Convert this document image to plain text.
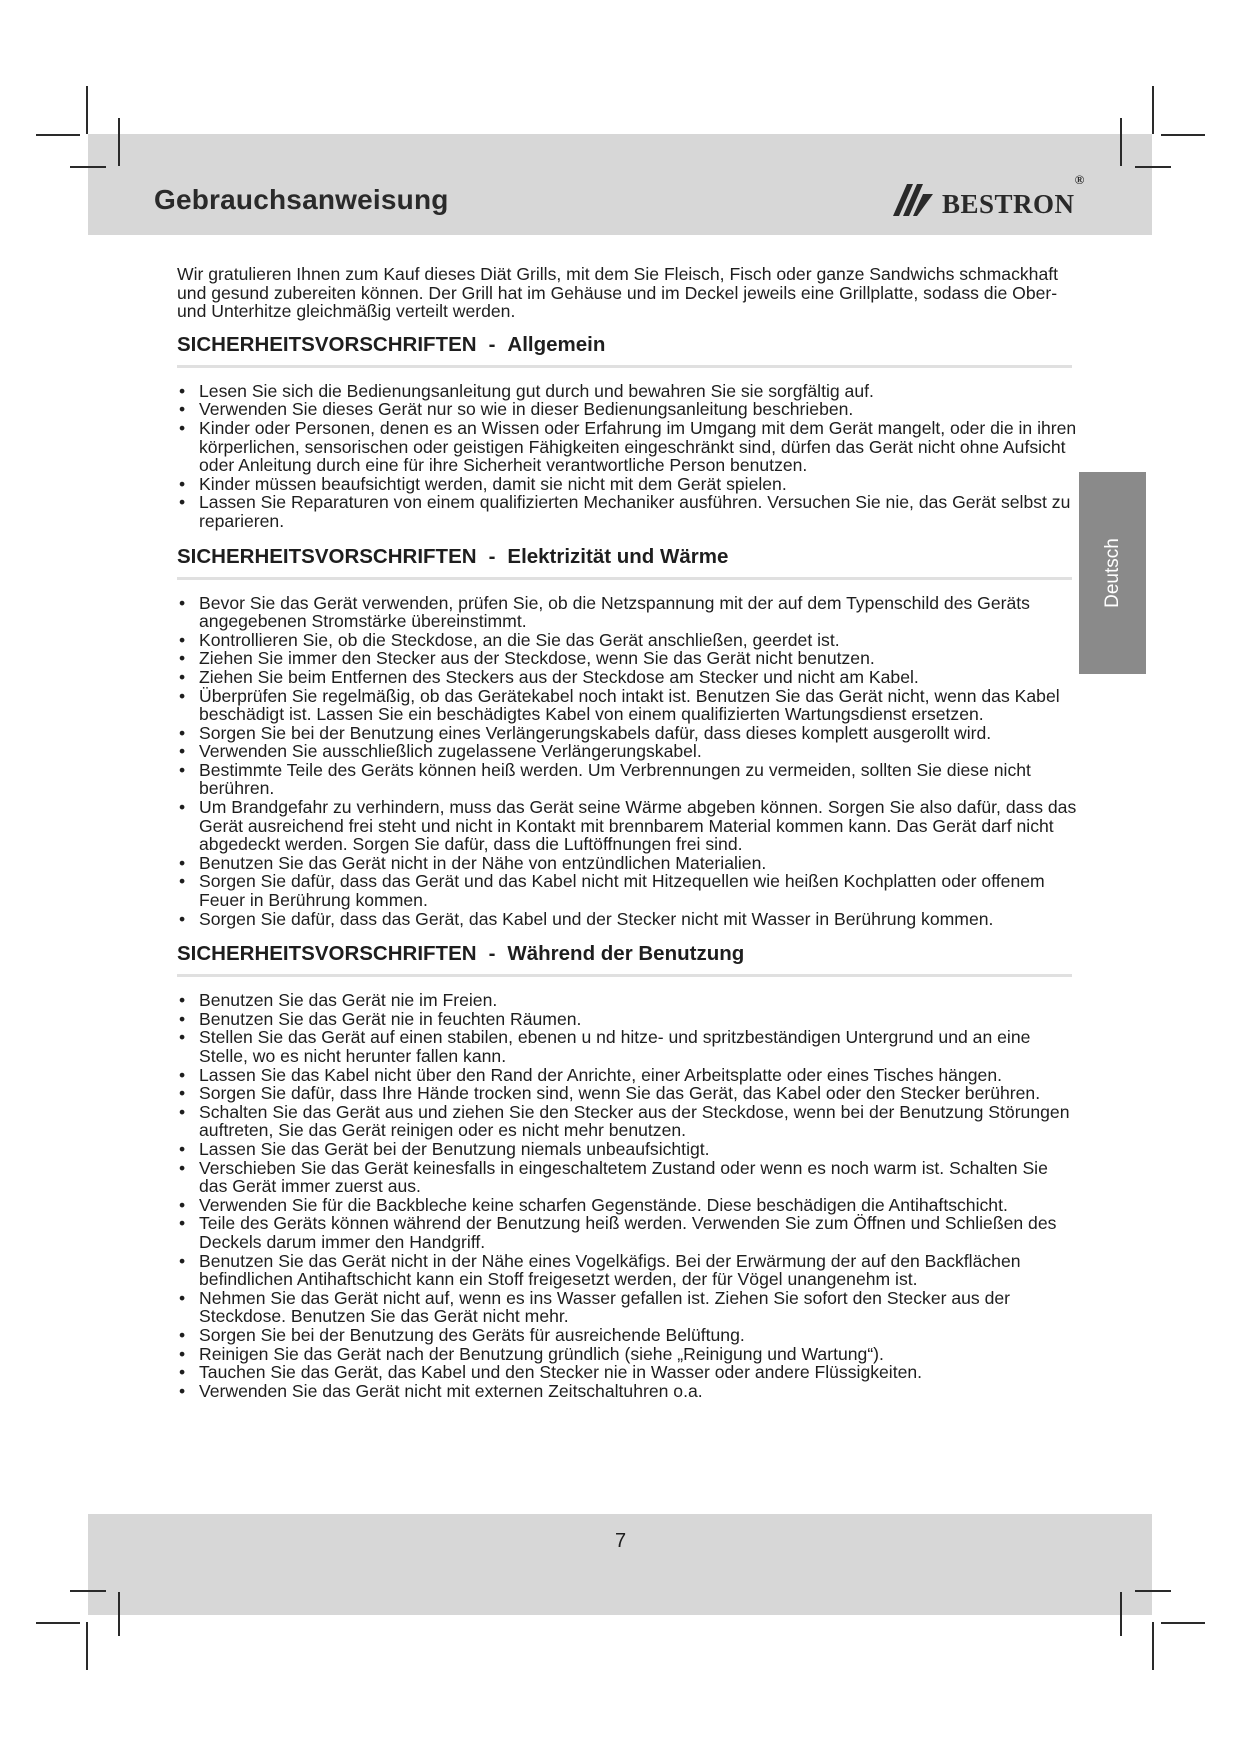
Gebrauchsanweisung	bestron®
Deutsch

Wir gratulieren Ihnen zum Kauf dieses Diät Grills, mit dem Sie Fleisch, Fisch oder ganze Sandwichs schmackhaft und gesund zubereiten können. Der Grill hat im Gehäuse und im Deckel jeweils eine Grillplatte, sodass die Ober- und Unterhitze gleichmäßig verteilt werden.

SICHERHEITSVORSCHRIFTEN - Allgemein
• Lesen Sie sich die Bedienungsanleitung gut durch und bewahren Sie sie sorgfältig auf.
• Verwenden Sie dieses Gerät nur so wie in dieser Bedienungsanleitung beschrieben.
• Kinder oder Personen, denen es an Wissen oder Erfahrung im Umgang mit dem Gerät mangelt, oder die in ihren körperlichen, sensorischen oder geistigen Fähigkeiten eingeschränkt sind, dürfen das Gerät nicht ohne Aufsicht oder Anleitung durch eine für ihre Sicherheit verantwortliche Person benutzen.
• Kinder müssen beaufsichtigt werden, damit sie nicht mit dem Gerät spielen.
• Lassen Sie Reparaturen von einem qualifizierten Mechaniker ausführen. Versuchen Sie nie, das Gerät selbst zu reparieren.
SICHERHEITSVORSCHRIFTEN - Elektrizität und Wärme
• Bevor Sie das Gerät verwenden, prüfen Sie, ob die Netzspannung mit der auf dem Typenschild des Geräts angegebenen Stromstärke übereinstimmt.
• Kontrollieren Sie, ob die Steckdose, an die Sie das Gerät anschließen, geerdet ist.
• Ziehen Sie immer den Stecker aus der Steckdose, wenn Sie das Gerät nicht benutzen.
• Ziehen Sie beim Entfernen des Steckers aus der Steckdose am Stecker und nicht am Kabel.
• Überprüfen Sie regelmäßig, ob das Gerätekabel noch intakt ist. Benutzen Sie das Gerät nicht, wenn das Kabel beschädigt ist. Lassen Sie ein beschädigtes Kabel von einem qualifizierten Wartungsdienst ersetzen.
• Sorgen Sie bei der Benutzung eines Verlängerungskabels dafür, dass dieses komplett ausgerollt wird.
• Verwenden Sie ausschließlich zugelassene Verlängerungskabel.
• Bestimmte Teile des Geräts können heiß werden. Um Verbrennungen zu vermeiden, sollten Sie diese nicht berühren.
• Um Brandgefahr zu verhindern, muss das Gerät seine Wärme abgeben können. Sorgen Sie also dafür, dass das Gerät ausreichend frei steht und nicht in Kontakt mit brennbarem Material kommen kann. Das Gerät darf nicht abgedeckt werden. Sorgen Sie dafür, dass die Luftöffnungen frei sind.
• Benutzen Sie das Gerät nicht in der Nähe von entzündlichen Materialien.
• Sorgen Sie dafür, dass das Gerät und das Kabel nicht mit Hitzequellen wie heißen Kochplatten oder offenem Feuer in Berührung kommen.
• Sorgen Sie dafür, dass das Gerät, das Kabel und der Stecker nicht mit Wasser in Berührung kommen.
SICHERHEITSVORSCHRIFTEN - Während der Benutzung
• Benutzen Sie das Gerät nie im Freien.
• Benutzen Sie das Gerät nie in feuchten Räumen.
• Stellen Sie das Gerät auf einen stabilen, ebenen u nd hitze- und spritzbeständigen Untergrund und an eine Stelle, wo es nicht herunter fallen kann.
• Lassen Sie das Kabel nicht über den Rand der Anrichte, einer Arbeitsplatte oder eines Tisches hängen.
• Sorgen Sie dafür, dass Ihre Hände trocken sind, wenn Sie das Gerät, das Kabel oder den Stecker berühren.
• Schalten Sie das Gerät aus und ziehen Sie den Stecker aus der Steckdose, wenn bei der Benutzung Störungen auftreten, Sie das Gerät reinigen oder es nicht mehr benutzen.
• Lassen Sie das Gerät bei der Benutzung niemals unbeaufsichtigt.
• Verschieben Sie das Gerät keinesfalls in eingeschaltetem Zustand oder wenn es noch warm ist. Schalten Sie das Gerät immer zuerst aus.
• Verwenden Sie für die Backbleche keine scharfen Gegenstände. Diese beschädigen die Antihaftschicht.
• Teile des Geräts können während der Benutzung heiß werden. Verwenden Sie zum Öffnen und Schließen des Deckels darum immer den Handgriff.
• Benutzen Sie das Gerät nicht in der Nähe eines Vogelkäfigs. Bei der Erwärmung der auf den Backflächen befindlichen Antihaftschicht kann ein Stoff freigesetzt werden, der für Vögel unangenehm ist.
• Nehmen Sie das Gerät nicht auf, wenn es ins Wasser gefallen ist. Ziehen Sie sofort den Stecker aus der Steckdose. Benutzen Sie das Gerät nicht mehr.
• Sorgen Sie bei der Benutzung des Geräts für ausreichende Belüftung.
• Reinigen Sie das Gerät nach der Benutzung gründlich (siehe „Reinigung und Wartung“).
• Tauchen Sie das Gerät, das Kabel und den Stecker nie in Wasser oder andere Flüssigkeiten.
• Verwenden Sie das Gerät nicht mit externen Zeitschaltuhren o.a.
7
